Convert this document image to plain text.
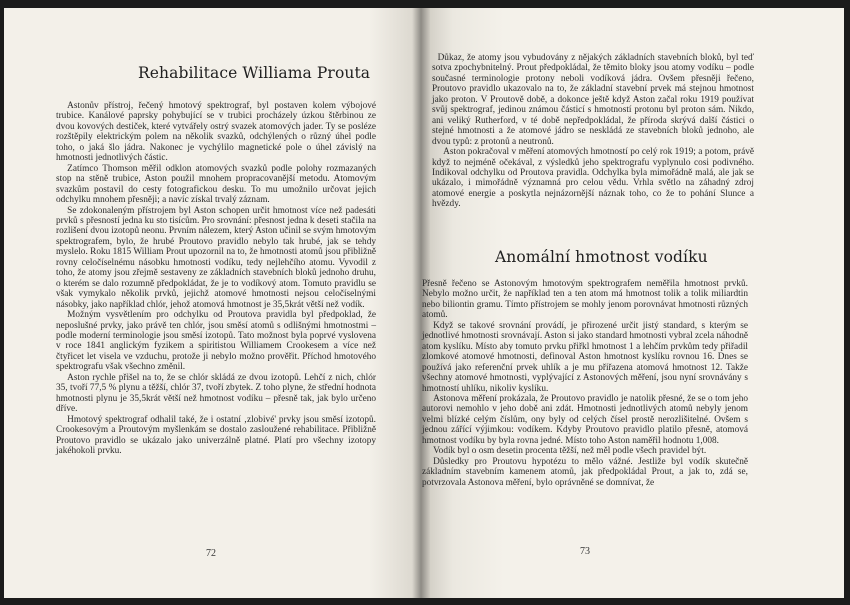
Rehabilitace Williama Prouta

Astonův přístroj, řečený hmotový spektrograf, byl postaven kolem výbojové trubice. Kanálové paprsky pohybující se v trubici procházely úzkou štěrbinou ze dvou kovových destiček, které vytvářely ostrý svazek atomových jader. Ty se posléze rozštěpily elektrickým polem na několik svazků, odchýlených o různý úhel podle toho, o jaká šlo jádra. Nakonec je vychýlilo magnetické pole o úhel závislý na hmotnosti jednotlivých částic.

Zatímco Thomson měřil odklon atomových svazků podle polohy rozmazaných stop na stěně trubice, Aston použil mnohem propracovanější metodu. Atomovým svazkům postavil do cesty fotografickou desku. To mu umožnilo určovat jejich odchylku mnohem přesněji; a navíc získal trvalý záznam.

Se zdokonaleným přístrojem byl Aston schopen určit hmotnost více než padesáti prvků s přesností jedna ku sto tisícům. Pro srovnání: přesnost jedna k deseti stačila na rozlišení dvou izotopů neonu. Prvním nálezem, který Aston učinil se svým hmotovým spektrografem, bylo, že hrubé Proutovo pravidlo nebylo tak hrubé, jak se tehdy myslelo. Roku 1815 William Prout upozornil na to, že hmotnosti atomů jsou přibližně rovny celočíselnému násobku hmotnosti vodíku, tedy nejlehčího atomu. Vyvodil z toho, že atomy jsou zřejmě sestaveny ze základních stavebních bloků jednoho druhu, o kterém se dalo rozumně předpokládat, že je to vodíkový atom. Tomuto pravidlu se však vymykalo několik prvků, jejichž atomové hmotnosti nejsou celočíselnými násobky, jako například chlór, jehož atomová hmotnost je 35,5krát větší než vodík.

Možným vysvětlením pro odchylku od Proutova pravidla byl předpoklad, že neposlušné prvky, jako právě ten chlór, jsou směsí atomů s odlišnými hmotnostmi – podle moderní terminologie jsou směsí izotopů. Tato možnost byla poprvé vyslovena v roce 1841 anglickým fyzikem a spiritistou Williamem Crookesem a více než čtyřicet let visela ve vzduchu, protože ji nebylo možno prověřit. Příchod hmotového spektrografu však všechno změnil.

Aston rychle přišel na to, že se chlór skládá ze dvou izotopů. Lehčí z nich, chlór 35, tvoří 77,5 % plynu a těžší, chlór 37, tvoří zbytek. Z toho plyne, že střední hodnota hmotnosti plynu je 35,5krát větší než hmotnost vodíku – přesně tak, jak bylo určeno dříve.

Hmotový spektrograf odhalil také, že i ostatní ‚zlobivé' prvky jsou směsí izotopů. Crookesovým a Proutovým myšlenkám se dostalo zasloužené rehabilitace. Přibližně Proutovo pravidlo se ukázalo jako univerzálně platné. Platí pro všechny izotopy jakéhokoli prvku.

72

Důkaz, že atomy jsou vybudovány z nějakých základních stavebních bloků, byl teď sotva zpochybnitelný. Prout předpokládal, že těmito bloky jsou atomy vodíku – podle současné terminologie protony neboli vodíková jádra. Ovšem přesněji řečeno, Proutovo pravidlo ukazovalo na to, že základní stavební prvek má stejnou hmotnost jako proton. V Proutově době, a dokonce ještě když Aston začal roku 1919 používat svůj spektrograf, jedinou známou částicí s hmotností protonu byl proton sám. Nikdo, ani veliký Rutherford, v té době nepředpokládal, že příroda skrývá další částici o stejné hmotnosti a že atomové jádro se neskládá ze stavebních bloků jednoho, ale dvou typů: z protonů a neutronů.

Aston pokračoval v měření atomových hmotností po celý rok 1919; a potom, právě když to nejméně očekával, z výsledků jeho spektrografu vyplynulo cosi podivného. Indikoval odchylku od Proutova pravidla. Odchylka byla mimořádně malá, ale jak se ukázalo, i mimořádně významná pro celou vědu. Vrhla světlo na záhadný zdroj atomové energie a poskytla nejnázornější náznak toho, co že to pohání Slunce a hvězdy.

Anomální hmotnost vodíku

Přesně řečeno se Astonovým hmotovým spektrografem neměřila hmotnost prvků. Nebylo možno určit, že například ten a ten atom má hmotnost tolik a tolik miliardtin nebo biliontin gramu. Tímto přístrojem se mohly jenom porovnávat hmotnosti různých atomů.

Když se takové srovnání provádí, je přirozené určit jistý standard, s kterým se jednotlivé hmotnosti srovnávají. Aston si jako standard hmotnosti vybral zcela náhodně atom kyslíku. Místo aby tomuto prvku přiřkl hmotnost 1 a lehčím prvkům tedy přiřadil zlomkové atomové hmotnosti, definoval Aston hmotnost kyslíku rovnou 16. Dnes se používá jako referenční prvek uhlík a je mu přiřazena atomová hmotnost 12. Takže všechny atomové hmotnosti, vyplývající z Astonových měření, jsou nyní srovnávány s hmotností uhlíku, nikoliv kyslíku.

Astonova měření prokázala, že Proutovo pravidlo je natolik přesné, že se o tom jeho autorovi nemohlo v jeho době ani zdát. Hmotnosti jednotlivých atomů nebyly jenom velmi blízké celým číslům, ony byly od celých čísel prostě nerozlišitelné. Ovšem s jednou zářící výjimkou: vodíkem. Kdyby Proutovo pravidlo platilo přesně, atomová hmotnost vodíku by byla rovna jedné. Místo toho Aston naměřil hodnotu 1,008.

Vodík byl o osm desetin procenta těžší, než měl podle všech pravidel být.

Důsledky pro Proutovu hypotézu to mělo vážné. Jestliže byl vodík skutečně základním stavebním kamenem atomů, jak předpokládal Prout, a jak to, zdá se, potvrzovala Astonova měření, bylo oprávněné se domnívat, že

73
